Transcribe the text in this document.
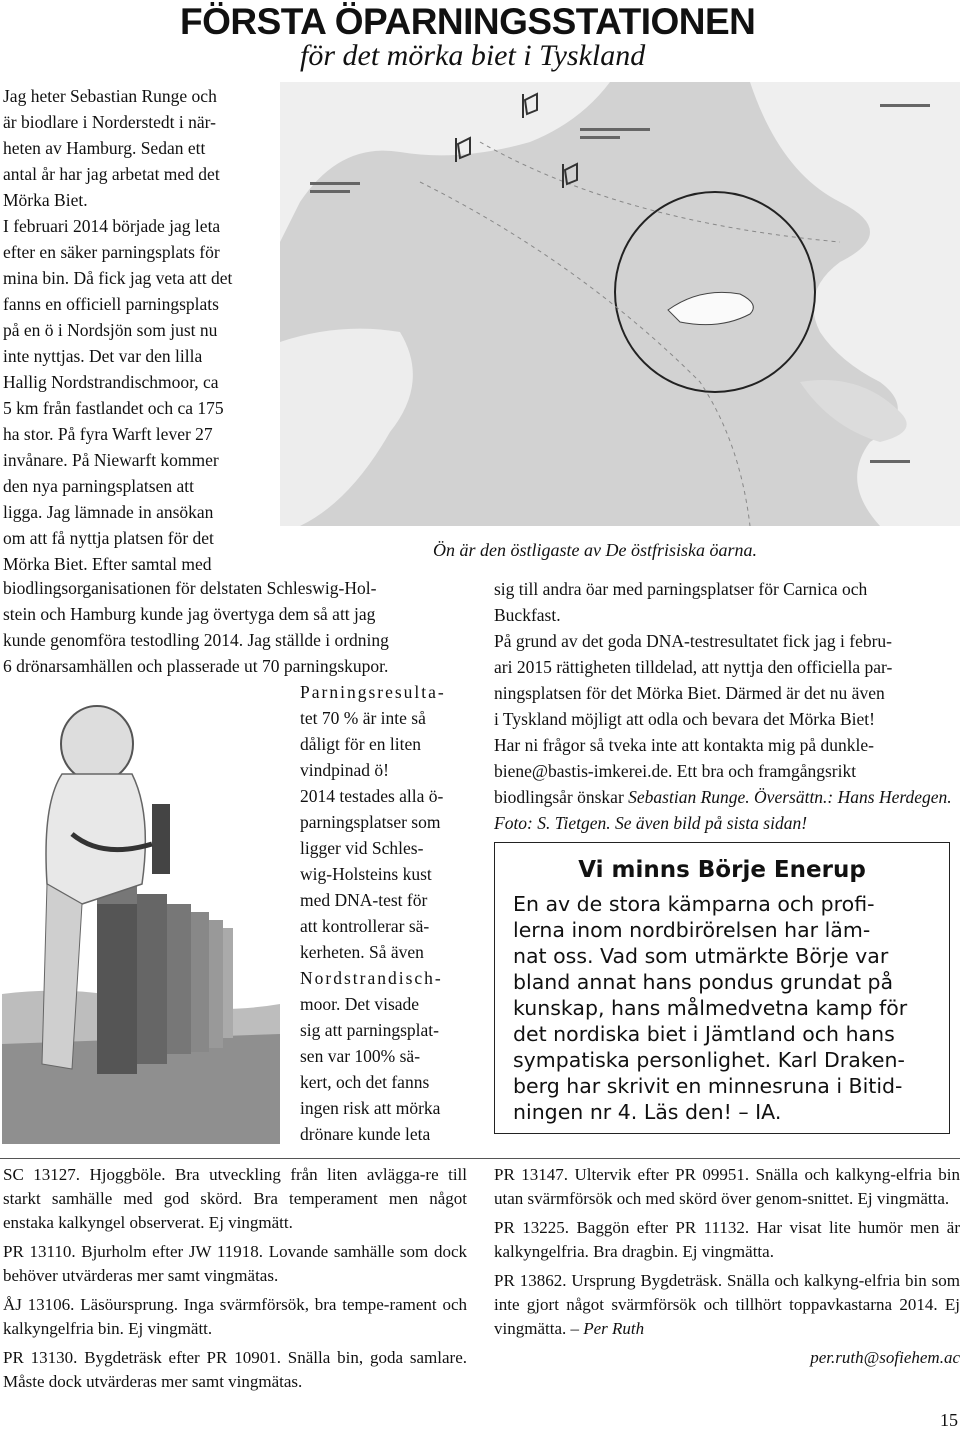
FÖRSTA ÖPARNINGSSTATIONEN
för det mörka biet i Tyskland

Jag heter Sebastian Runge och

är biodlare i Norderstedt i när-

heten av Hamburg. Sedan ett

antal år har jag arbetat med det

Mörka Biet.

I februari 2014 började jag leta

efter en säker parningsplats för

mina bin. Då fick jag veta att det

fanns en officiell parningsplats

på en ö i Nordsjön som just nu

inte nyttjas. Det var den lilla

Hallig Nordstrandischmoor, ca

5 km från fastlandet och ca 175

ha stor. På fyra Warft lever 27

invånare. På Niewarft kommer

den nya parningsplatsen att

ligga. Jag lämnade in ansökan

om att få nyttja platsen för det

Mörka Biet. Efter samtal med

Ön är den östligaste av De östfrisiska öarna.

biodlingsorganisationen för delstaten Schleswig-Hol-

stein och Hamburg kunde jag övertyga dem så att jag

kunde genomföra testodling 2014. Jag ställde i ordning

6 drönarsamhällen och plasserade ut 70 parningskupor.

Parningsresulta-

tet 70 % är inte så

dåligt för en liten

vindpinad ö!

2014 testades alla ö-

parningsplatser som

ligger vid Schles-

wig-Holsteins kust

med DNA-test för

att kontrollerar sä-

kerheten. Så även

Nordstrandisch-

moor. Det visade

sig att parningsplat-

sen var 100% sä-

kert, och det fanns

ingen risk att mörka

drönare kunde leta

sig till andra öar med parningsplatser för Carnica och

Buckfast.

På grund av det goda DNA-testresultatet fick jag i febru-

ari 2015 rättigheten tilldelad, att nyttja den officiella par-

ningsplatsen för det Mörka Biet. Därmed är det nu även

i Tyskland möjligt att odla och bevara det Mörka Biet!

Har ni frågor så tveka inte att kontakta mig på dunkle-

biene@bastis-imkerei.de. Ett bra och framgångsrikt

biodlingsår önskar Sebastian Runge. Översättn.: Hans Herdegen. Foto: S. Tietgen. Se även bild på sista sidan!

Vi minns Börje Enerup
En av de stora kämparna och profi-
lerna inom nordbirörelsen har läm-
nat oss. Vad som utmärkte Börje var
bland annat hans pondus grundat på
kunskap, hans målmedvetna kamp för
det nordiska biet i Jämtland och hans
sympatiska personlighet. Karl Draken-
berg har skrivit en minnesruna i Bitid-
ningen nr 4. Läs den! – IA.

SC 13127. Hjoggböle. Bra utveckling från liten avlägga-re till starkt samhälle med god skörd. Bra temperament men något enstaka kalkyngel observerat. Ej vingmätt.

PR 13110. Bjurholm efter JW 11918. Lovande samhälle som dock behöver utvärderas mer samt vingmätas.

ÅJ 13106. Läsöursprung. Inga svärmförsök, bra tempe-rament och kalkyngelfria bin. Ej vingmätt.

PR 13130. Bygdeträsk efter PR 10901. Snälla bin, goda samlare. Måste dock utvärderas mer samt vingmätas.

PR 13147. Ultervik efter PR 09951. Snälla och kalkyng-elfria bin utan svärmförsök och med skörd över genom-snittet. Ej vingmätta.

PR 13225. Baggön efter PR 11132. Har visat lite humör men är kalkyngelfria. Bra dragbin. Ej vingmätta.

PR 13862. Ursprung Bygdeträsk. Snälla och kalkyng-elfria bin som inte gjort något svärmförsök och tillhört toppavkastarna 2014. Ej vingmätta. – Per Ruth

per.ruth@sofiehem.ac

15
